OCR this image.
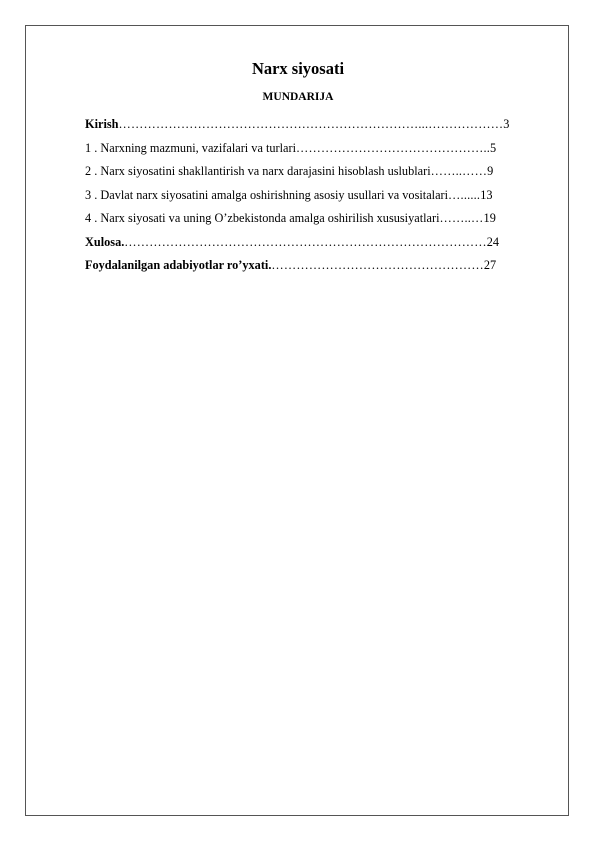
Narx siyosati
MUNDARIJA
Kirish………………………………………………………………...………………3
1 . Narxning mazmuni, vazifalari va turlari………………………………………..5
2 . Narx siyosatini shakllantirish va narx darajasini hisoblash uslublari……..……9
3 . Davlat narx siyosatini amalga oshirishning asosiy usullari va vositalari…......13
4 . Narx siyosati va uning O’zbekistonda amalga oshirilish xususiyatlari……..…19
Xulosa.……………………………………………………………………………24
Foydalanilgan adabiyotlar ro’yxati.……………………………………………27
